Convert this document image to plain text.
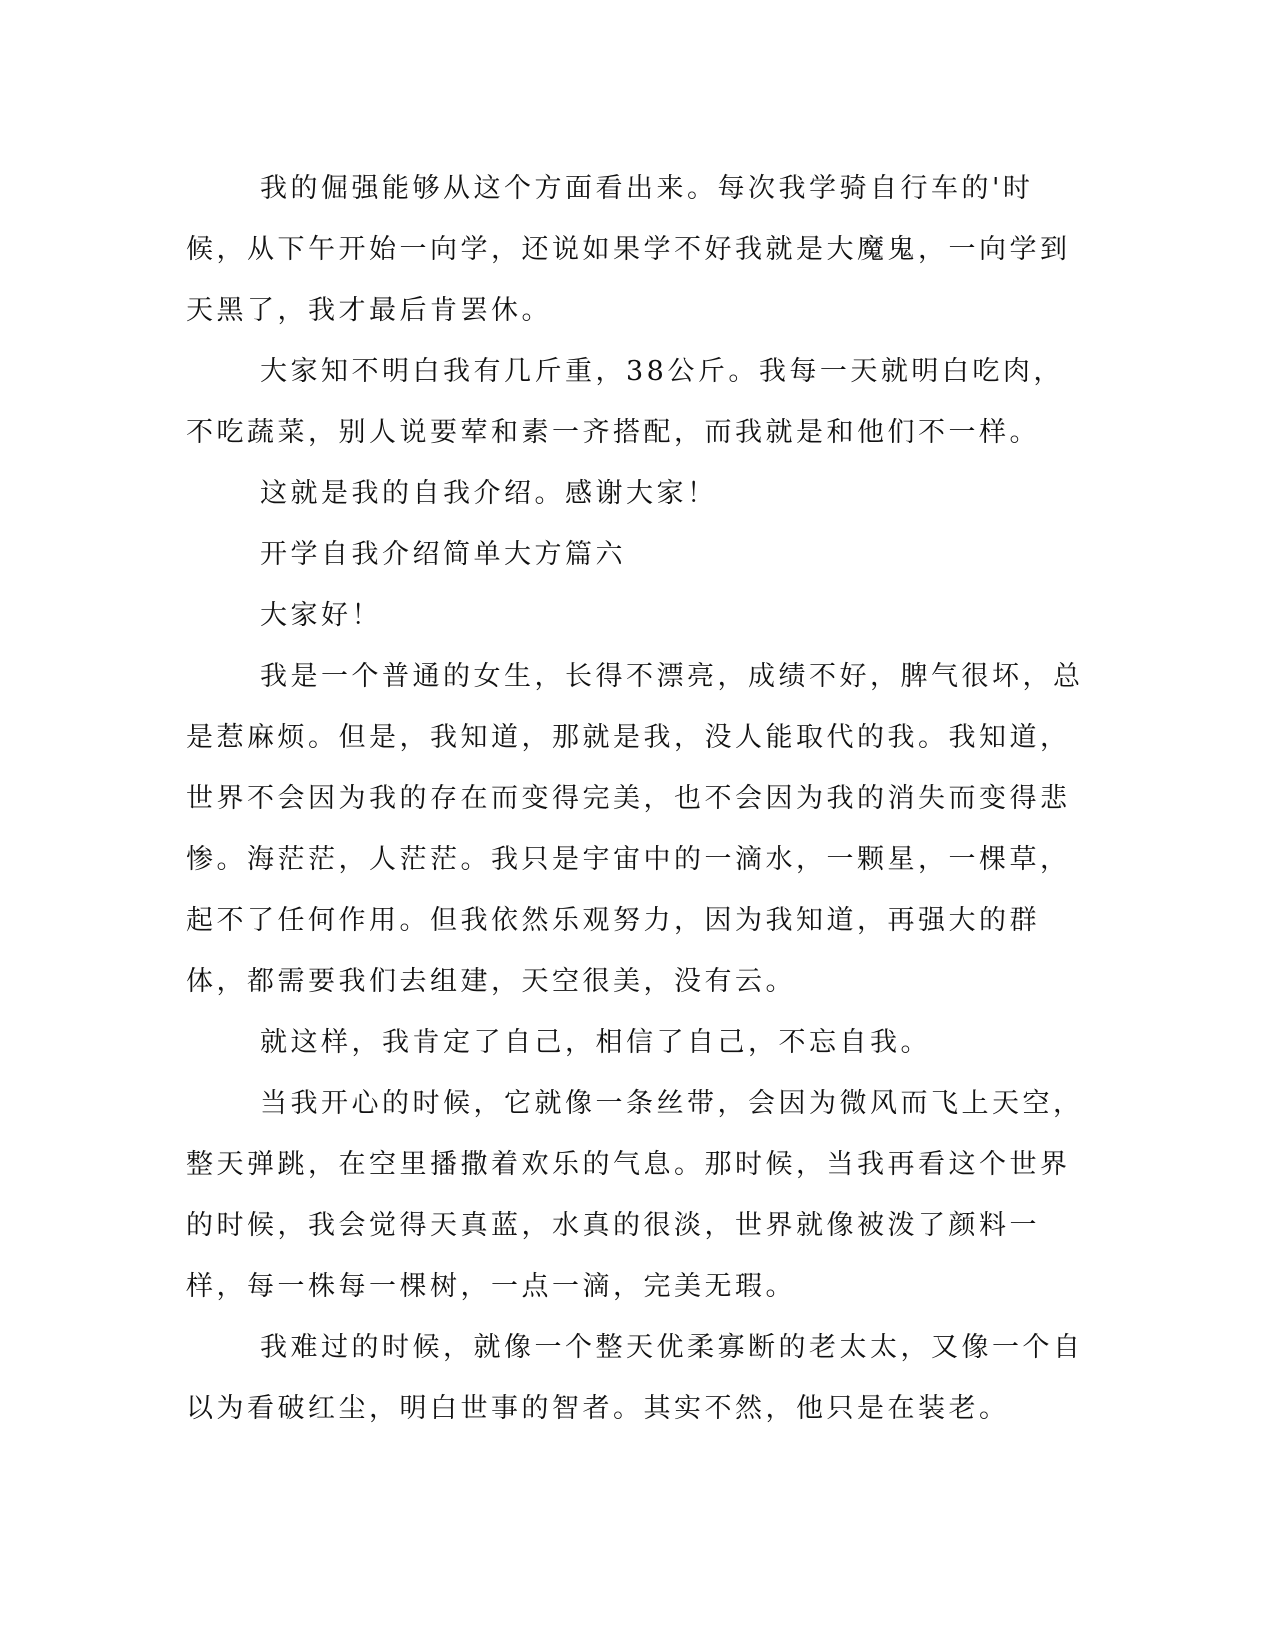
我的倔强能够从这个方面看出来。每次我学骑自行车的'时候，从下午开始一向学，还说如果学不好我就是大魔鬼，一向学到天黑了，我才最后肯罢休。

大家知不明白我有几斤重，38公斤。我每一天就明白吃肉，不吃蔬菜，别人说要荤和素一齐搭配，而我就是和他们不一样。

这就是我的自我介绍。感谢大家！

开学自我介绍简单大方篇六

大家好！

我是一个普通的女生，长得不漂亮，成绩不好，脾气很坏，总是惹麻烦。但是，我知道，那就是我，没人能取代的我。我知道，世界不会因为我的存在而变得完美，也不会因为我的消失而变得悲惨。海茫茫，人茫茫。我只是宇宙中的一滴水，一颗星，一棵草，起不了任何作用。但我依然乐观努力，因为我知道，再强大的群体，都需要我们去组建，天空很美，没有云。

就这样，我肯定了自己，相信了自己，不忘自我。

当我开心的时候，它就像一条丝带，会因为微风而飞上天空，整天弹跳，在空里播撒着欢乐的气息。那时候，当我再看这个世界的时候，我会觉得天真蓝，水真的很淡，世界就像被泼了颜料一样，每一株每一棵树，一点一滴，完美无瑕。

我难过的时候，就像一个整天优柔寡断的老太太，又像一个自以为看破红尘，明白世事的智者。其实不然，他只是在装老。
